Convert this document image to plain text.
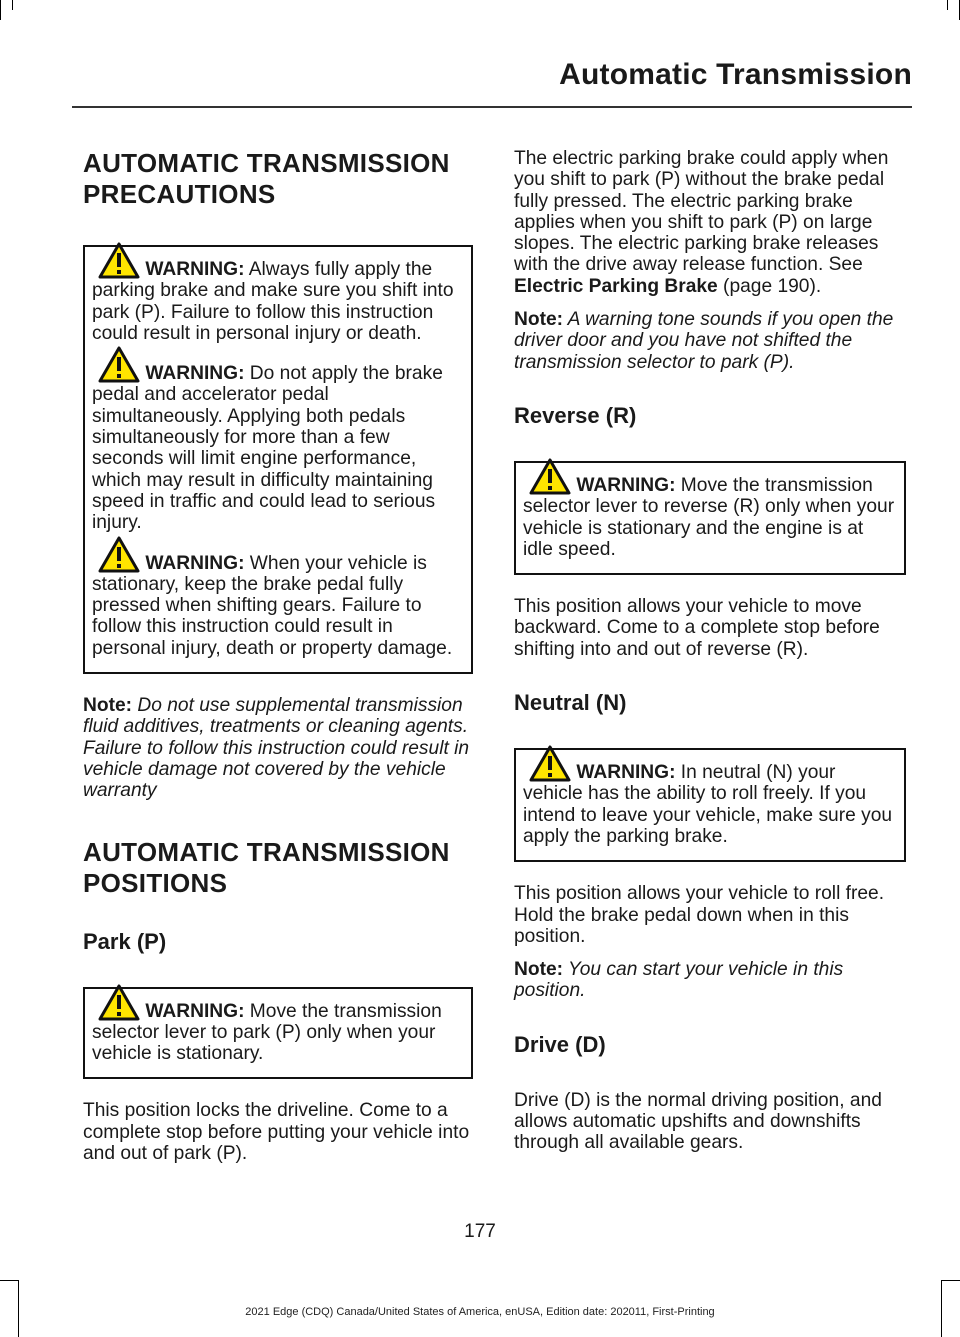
Automatic Transmission
AUTOMATIC TRANSMISSION
PRECAUTIONS
WARNING: Always fully apply the parking brake and make sure you shift into park (P). Failure to follow this instruction could result in personal injury or death.
WARNING: Do not apply the brake pedal and accelerator pedal simultaneously. Applying both pedals simultaneously for more than a few seconds will limit engine performance, which may result in difficulty maintaining speed in traffic and could lead to serious injury.
WARNING: When your vehicle is stationary, keep the brake pedal fully pressed when shifting gears. Failure to follow this instruction could result in personal injury, death or property damage.

Note: Do not use supplemental transmission fluid additives, treatments or cleaning agents. Failure to follow this instruction could result in vehicle damage not covered by the vehicle warranty

AUTOMATIC TRANSMISSION
POSITIONS
Park (P)
WARNING: Move the transmission selector lever to park (P) only when your vehicle is stationary.

This position locks the driveline. Come to a complete stop before putting your vehicle into and out of park (P).

The electric parking brake could apply when you shift to park (P) without the brake pedal fully pressed. The electric parking brake applies when you shift to park (P) on large slopes. The electric parking brake releases with the drive away release function. See Electric Parking Brake (page 190).

Note: A warning tone sounds if you open the driver door and you have not shifted the transmission selector to park (P).

Reverse (R)
WARNING: Move the transmission selector lever to reverse (R) only when your vehicle is stationary and the engine is at idle speed.

This position allows your vehicle to move backward. Come to a complete stop before shifting into and out of reverse (R).

Neutral (N)
WARNING: In neutral (N) your vehicle has the ability to roll freely. If you intend to leave your vehicle, make sure you apply the parking brake.

This position allows your vehicle to roll free. Hold the brake pedal down when in this position.

Note: You can start your vehicle in this position.

Drive (D)

Drive (D) is the normal driving position, and allows automatic upshifts and downshifts through all available gears.

177
2021 Edge (CDQ) Canada/United States of America, enUSA, Edition date: 202011, First-Printing
